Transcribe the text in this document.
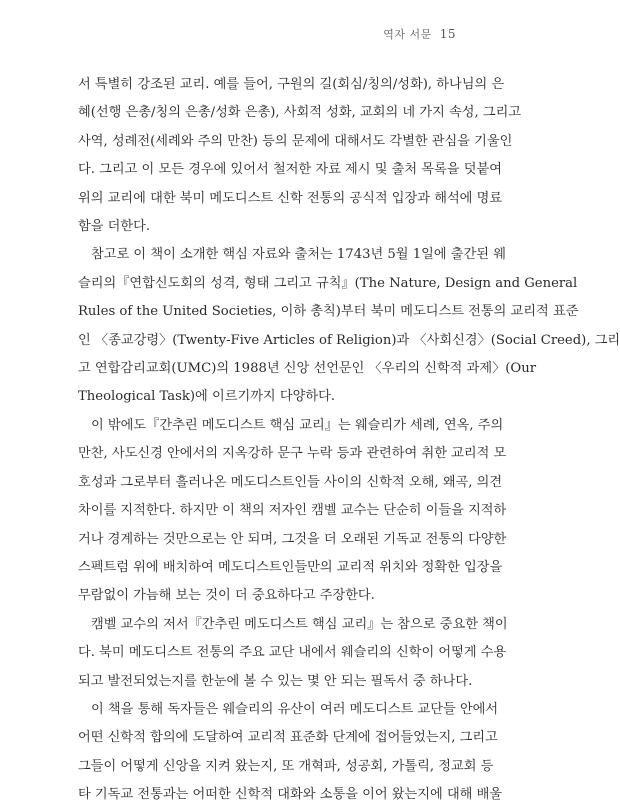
역자 서문 15
서 특별히 강조된 교리. 예를 들어, 구원의 길(회심/칭의/성화), 하나님의 은
혜(선행 은총/칭의 은총/성화 은총), 사회적 성화, 교회의 네 가지 속성, 그리고
사역, 성례전(세례와 주의 만찬) 등의 문제에 대해서도 각별한 관심을 기울인
다. 그리고 이 모든 경우에 있어서 철저한 자료 제시 및 출처 목록을 덧붙여
위의 교리에 대한 북미 메도디스트 신학 전통의 공식적 입장과 해석에 명료
함을 더한다.
참고로 이 책이 소개한 핵심 자료와 출처는 1743년 5월 1일에 출간된 웨
슬리의『연합신도회의 성격, 형태 그리고 규칙』(The Nature, Design and General
Rules of the United Societies, 이하 총칙)부터 북미 메도디스트 전통의 교리적 표준
인 〈종교강령〉(Twenty-Five Articles of Religion)과 〈사회신경〉(Social Creed), 그리
고 연합감리교회(UMC)의 1988년 신앙 선언문인 〈우리의 신학적 과제〉(Our
Theological Task)에 이르기까지 다양하다.
이 밖에도『간추린 메도디스트 핵심 교리』는 웨슬리가 세례, 연옥, 주의
만찬, 사도신경 안에서의 지옥강하 문구 누락 등과 관련하여 취한 교리적 모
호성과 그로부터 흘러나온 메도디스트인들 사이의 신학적 오해, 왜곡, 의견
차이를 지적한다. 하지만 이 책의 저자인 캠벨 교수는 단순히 이들을 지적하
거나 경계하는 것만으로는 안 되며, 그것을 더 오래된 기독교 전통의 다양한
스펙트럼 위에 배치하여 메도디스트인들만의 교리적 위치와 정확한 입장을
무람없이 가늠해 보는 것이 더 중요하다고 주장한다.
캠벨 교수의 저서『간추린 메도디스트 핵심 교리』는 참으로 중요한 책이
다. 북미 메도디스트 전통의 주요 교단 내에서 웨슬리의 신학이 어떻게 수용
되고 발전되었는지를 한눈에 볼 수 있는 몇 안 되는 필독서 중 하나다.
이 책을 통해 독자들은 웨슬리의 유산이 여러 메도디스트 교단들 안에서
어떤 신학적 합의에 도달하여 교리적 표준화 단계에 접어들었는지, 그리고
그들이 어떻게 신앙을 지켜 왔는지, 또 개혁파, 성공회, 가톨릭, 정교회 등
타 기독교 전통과는 어떠한 신학적 대화와 소통을 이어 왔는지에 대해 배울
